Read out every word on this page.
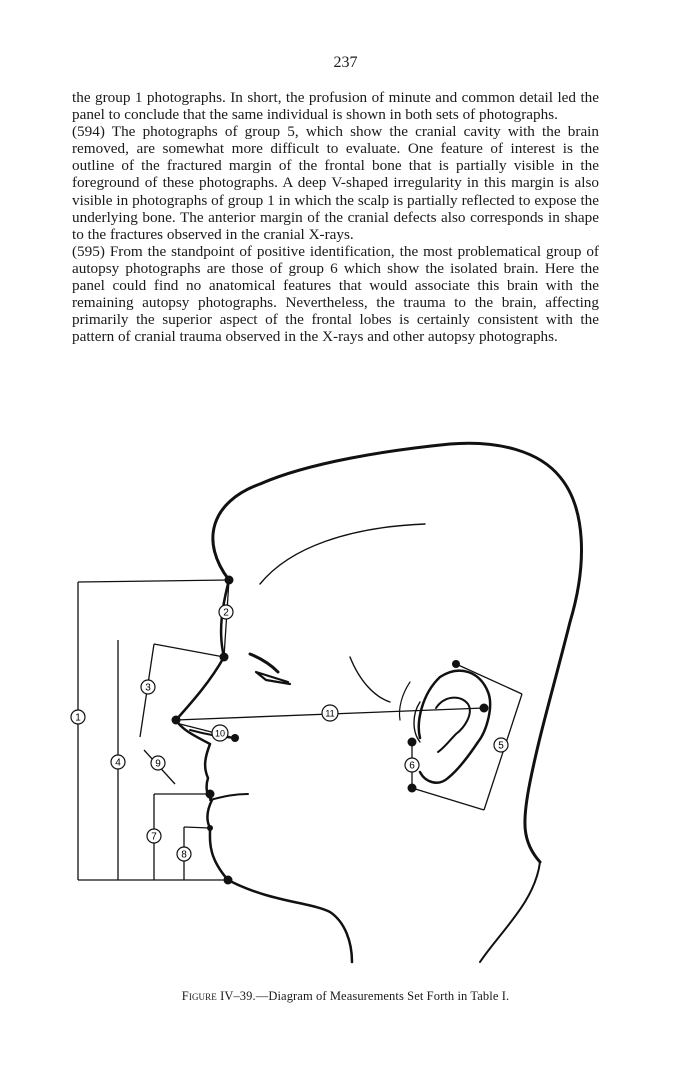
237

the group 1 photographs. In short, the profusion of minute and common detail led the panel to conclude that the same individual is shown in both sets of photographs.

(594) The photographs of group 5, which show the cranial cavity with the brain removed, are somewhat more difficult to evaluate. One feature of interest is the outline of the fractured margin of the frontal bone that is partially visible in the foreground of these photographs. A deep V-shaped irregularity in this margin is also visible in photographs of group 1 in which the scalp is partially reflected to expose the underlying bone. The anterior margin of the cranial defects also corresponds in shape to the fractures observed in the cranial X-rays.

(595) From the standpoint of positive identification, the most problematical group of autopsy photographs are those of group 6 which show the isolated brain. Here the panel could find no anatomical features that would associate this brain with the remaining autopsy photographs. Nevertheless, the trauma to the brain, affecting primarily the superior aspect of the frontal lobes is certainly consistent with the pattern of cranial trauma observed in the X-rays and other autopsy photographs.

1
2
3
4
5
6
7
8
9
10
11
Figure IV–39.—Diagram of Measurements Set Forth in Table I.
